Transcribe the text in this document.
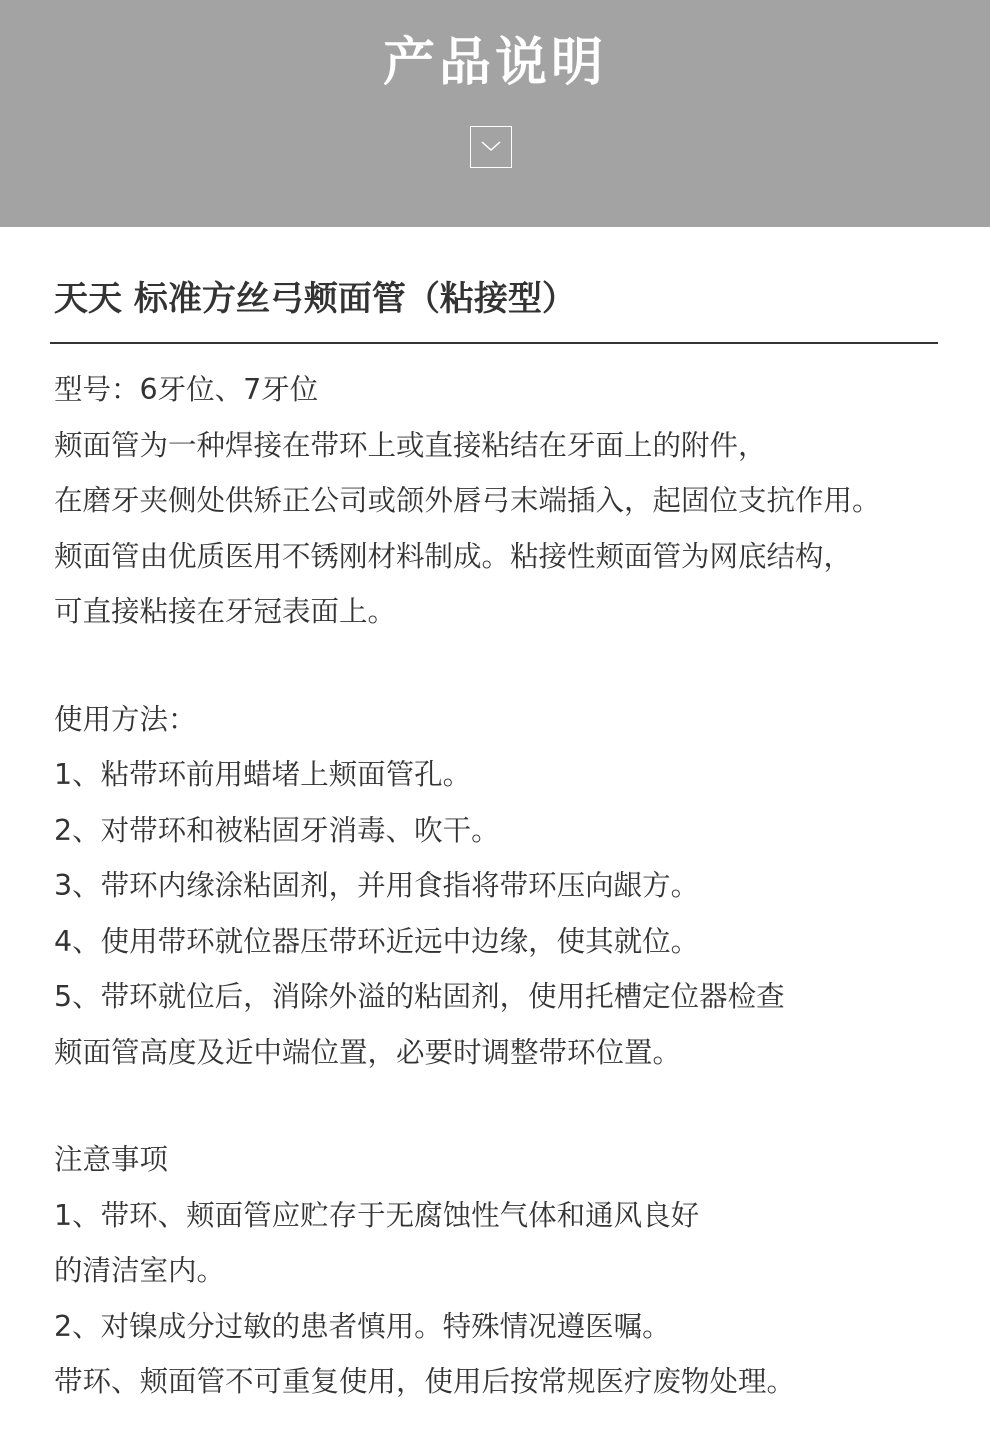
产品说明
天天 标准方丝弓颊面管（粘接型）
型号：6牙位、7牙位
颊面管为一种焊接在带环上或直接粘结在牙面上的附件，
在磨牙夹侧处供矫正公司或颌外唇弓末端插入，起固位支抗作用。
颊面管由优质医用不锈刚材料制成。粘接性颊面管为网底结构，
可直接粘接在牙冠表面上。
使用方法：
1、粘带环前用蜡堵上颊面管孔。
2、对带环和被粘固牙消毒、吹干。
3、带环内缘涂粘固剂，并用食指将带环压向龈方。
4、使用带环就位器压带环近远中边缘，使其就位。
5、带环就位后，消除外溢的粘固剂，使用托槽定位器检查
颊面管高度及近中端位置，必要时调整带环位置。
注意事项
1、带环、颊面管应贮存于无腐蚀性气体和通风良好
的清洁室内。
2、对镍成分过敏的患者慎用。特殊情况遵医嘱。
带环、颊面管不可重复使用，使用后按常规医疗废物处理。
